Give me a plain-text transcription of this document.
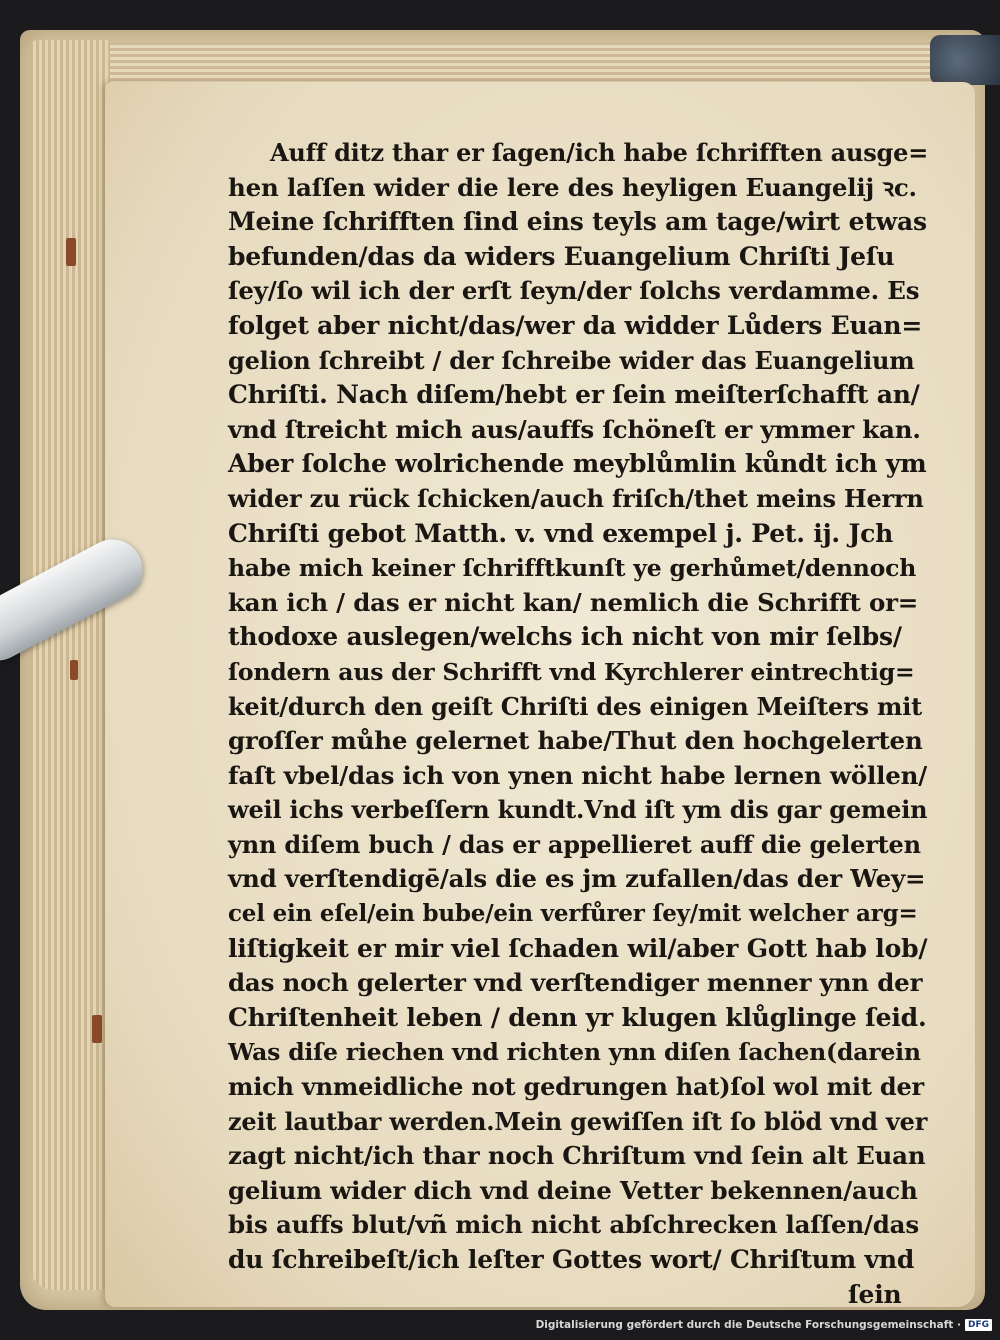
Auff ditz thar er ſagen/ich habe ſchrifften ausge=
hen laſſen wider die lere des heyligen Euangelij ꝛc.
Meine ſchrifften ſind eins teyls am tage/wirt etwas
befunden/das da widers Euangelium Chriſti Jeſu
ſey/ſo wil ich der erſt ſeyn/der ſolchs verdamme. Es
folget aber nicht/das/wer da widder Lůders Euan=
gelion ſchreibt / der ſchreibe wider das Euangelium
Chriſti. Nach diſem/hebt er ſein meiſterſchafft an/
vnd ſtreicht mich aus/auffs ſchöneſt er ymmer kan.
Aber ſolche wolrichende meyblůmlin kůndt ich ym
wider zu rück ſchicken/auch friſch/thet meins Herrn
Chriſti gebot Matth. v. vnd exempel j. Pet. ij. Jch
habe mich keiner ſchrifftkunſt ye gerhůmet/dennoch
kan ich / das er nicht kan/ nemlich die Schrifft or=
thodoxe auslegen/welchs ich nicht von mir ſelbs/
ſondern aus der Schrifft vnd Kyrchlerer eintrechtig=
keit/durch den geiſt Chriſti des einigen Meiſters mit
groſſer můhe gelernet habe/Thut den hochgelerten
faſt vbel/das ich von ynen nicht habe lernen wöllen/
weil ichs verbeſſern kundt.Vnd iſt ym dis gar gemein
ynn diſem buch / das er appellieret auff die gelerten
vnd verſtendigē/als die es jm zufallen/das der Wey=
cel ein eſel/ein bube/ein verfůrer ſey/mit welcher arg=
liſtigkeit er mir viel ſchaden wil/aber Gott hab lob/
das noch gelerter vnd verſtendiger menner ynn der
Chriſtenheit leben / denn yr klugen klůglinge ſeid.
Was diſe riechen vnd richten ynn diſen ſachen(darein
mich vnmeidliche not gedrungen hat)ſol wol mit der
zeit lautbar werden.Mein gewiſſen iſt ſo blöd vnd ver
zagt nicht/ich thar noch Chriſtum vnd ſein alt Euan
gelium wider dich vnd deine Vetter bekennen/auch
bis auffs blut/vñ mich nicht abſchrecken laſſen/das
du ſchreibeſt/ich leſter Gottes wort/ Chriſtum vnd
ſein
Digitalisierung gefördert durch die Deutsche Forschungsgemeinschaft · DFG
